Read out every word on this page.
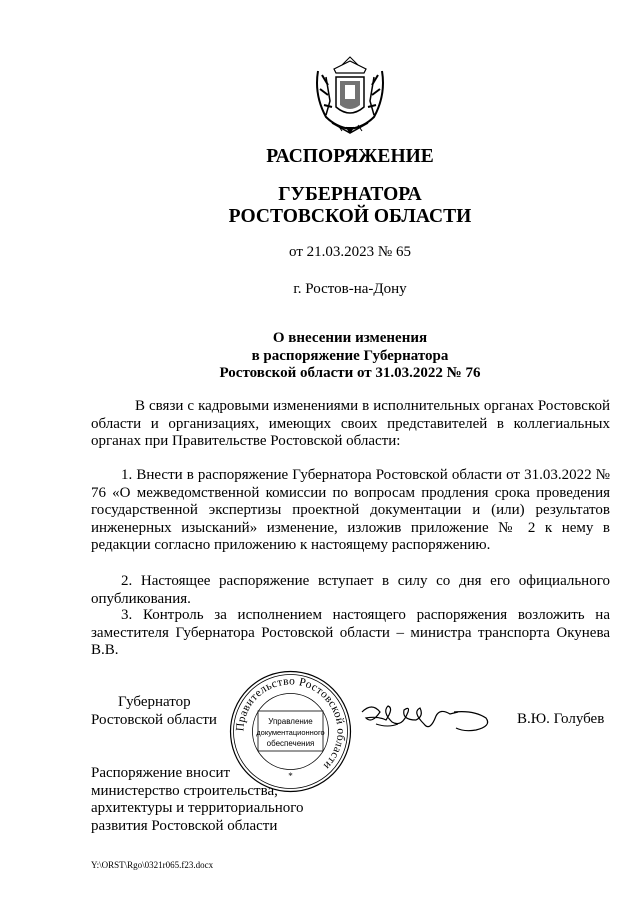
РАСПОРЯЖЕНИЕ
ГУБЕРНАТОРА
РОСТОВСКОЙ ОБЛАСТИ
от 21.03.2023 № 65
г. Ростов-на-Дону
О внесении изменения
в распоряжение Губернатора
Ростовской области от 31.03.2022 № 76
В связи с кадровыми изменениями в исполнительных органах Ростовской области и организациях, имеющих своих представителей в коллегиальных органах при Правительстве Ростовской области:
1. Внести в распоряжение Губернатора Ростовской области от 31.03.2022 № 76 «О межведомственной комиссии по вопросам продления срока проведения государственной экспертизы проектной документации и (или) результатов инженерных изысканий» изменение, изложив приложение № 2 к нему в редакции согласно приложению к настоящему распоряжению.
2. Настоящее распоряжение вступает в силу со дня его официального опубликования.
3. Контроль за исполнением настоящего распоряжения возложить на заместителя Губернатора Ростовской области – министра транспорта Окунева В.В.
Губернатор
Ростовской области Правительство Ростовской области
*
Управление
документационного
обеспечения
В.Ю. Голубев
Распоряжение вносит
министерство строительства,
архитектуры и территориального
развития Ростовской области
Y:\ORST\Rgo\0321r065.f23.docx
